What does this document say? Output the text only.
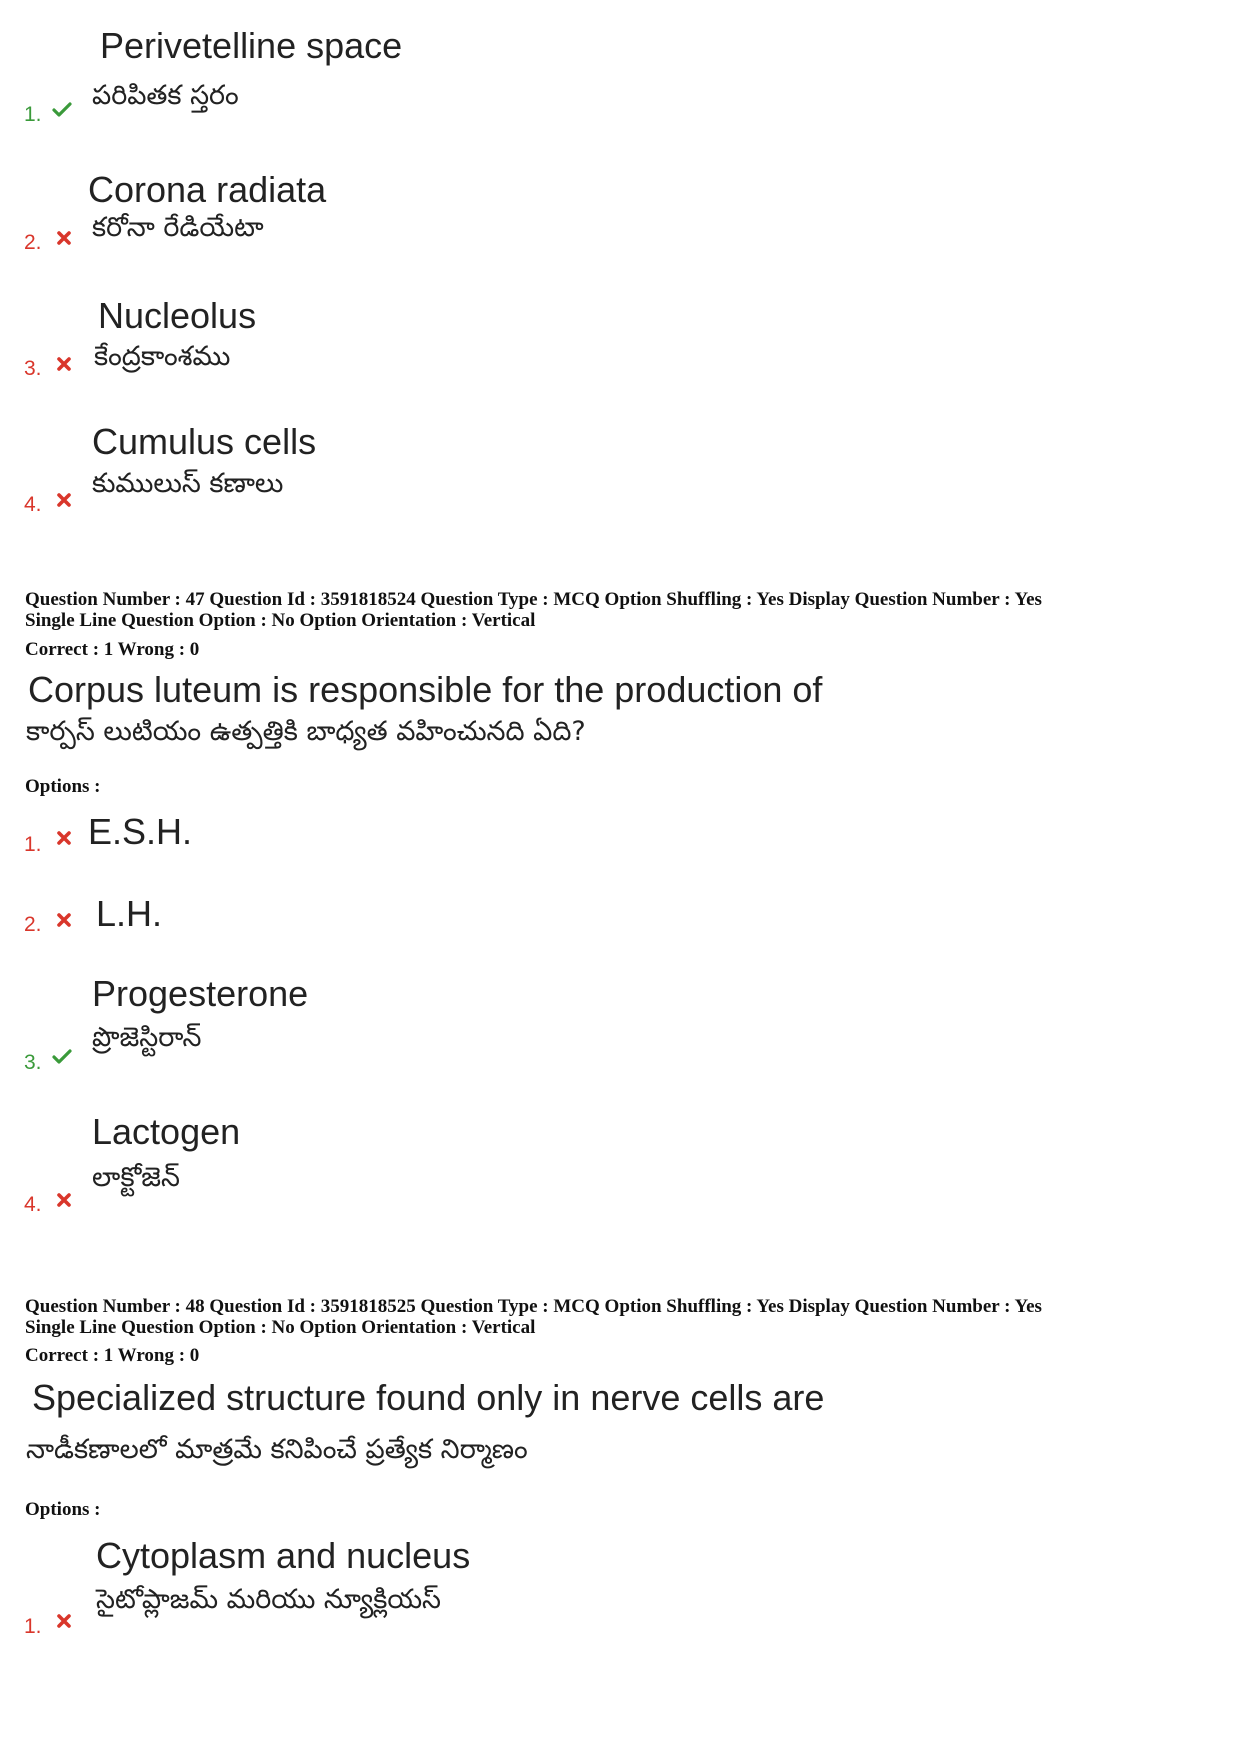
Perivetelline space
పరిపితక స్తరం
1.
Corona radiata
కరోనా రేడియేటా
2.
Nucleolus
కేంద్రకాంశము
3.
Cumulus cells
కుములుస్ కణాలు
4.
Question Number : 47 Question Id : 3591818524 Question Type : MCQ Option Shuffling : Yes Display Question Number : Yes
Single Line Question Option : No Option Orientation : Vertical
Correct : 1 Wrong : 0
Corpus luteum is responsible for the production of
కార్పస్ లుటియం ఉత్పత్తికి బాధ్యత వహించునది ఏది?
Options :
1. E.S.H.
2. L.H.
Progesterone
ప్రొజెస్టిరాన్
3.
Lactogen
లాక్టోజెన్
4.
Question Number : 48 Question Id : 3591818525 Question Type : MCQ Option Shuffling : Yes Display Question Number : Yes
Single Line Question Option : No Option Orientation : Vertical
Correct : 1 Wrong : 0
Specialized structure found only in nerve cells are
నాడీకణాలలో మాత్రమే కనిపించే ప్రత్యేక నిర్మాణం
Options :
Cytoplasm and nucleus
సైటోప్లాజమ్ మరియు న్యూక్లియస్
1.
